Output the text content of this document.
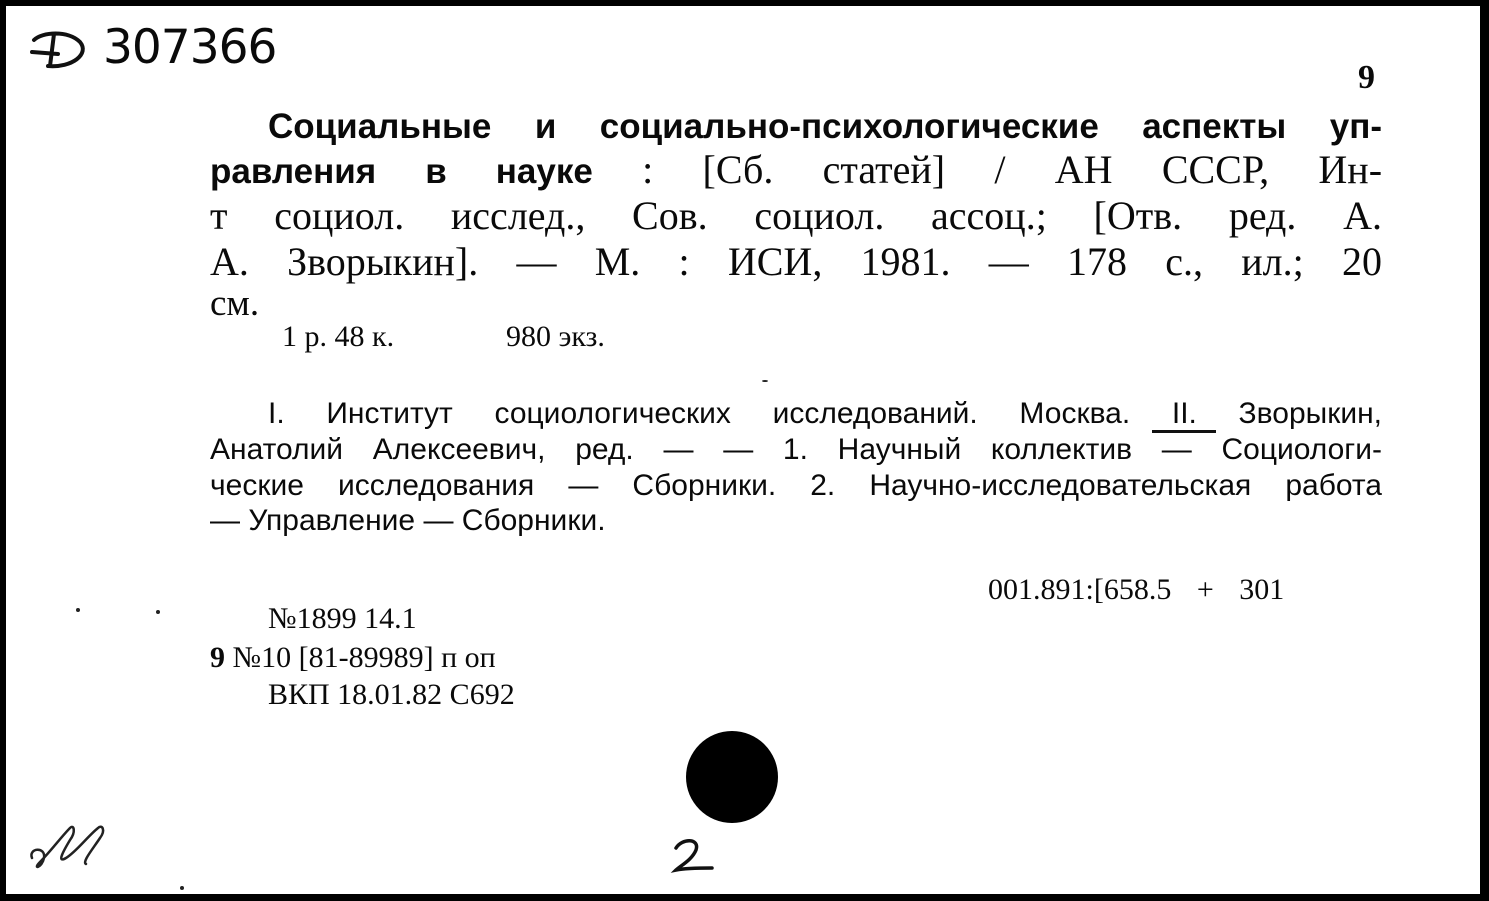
307366
9
Социальные и социально-психологические аспекты уп-
равления в науке : [Сб. статей] / АН СССР, Ин-
т социол. исслед., Сов. социол. ассоц.; [Отв. ред. А.
А. Зворыкин]. — М. : ИСИ, 1981. — 178 с., ил.; 20
см.
1 р. 48 к.	980 экз.
I. Институт социологических исследований. Москва. II. Зворыкин,
Анатолий Алексеевич, ред. — — 1. Научный коллектив — Социологи-
ческие исследования — Сборники. 2. Научно-исследовательская работа
— Управление — Сборники.
001.891:[658.5 + 301
№1899 14.1
9 №10 [81-89989] п оп
ВКП 18.01.82 С692
